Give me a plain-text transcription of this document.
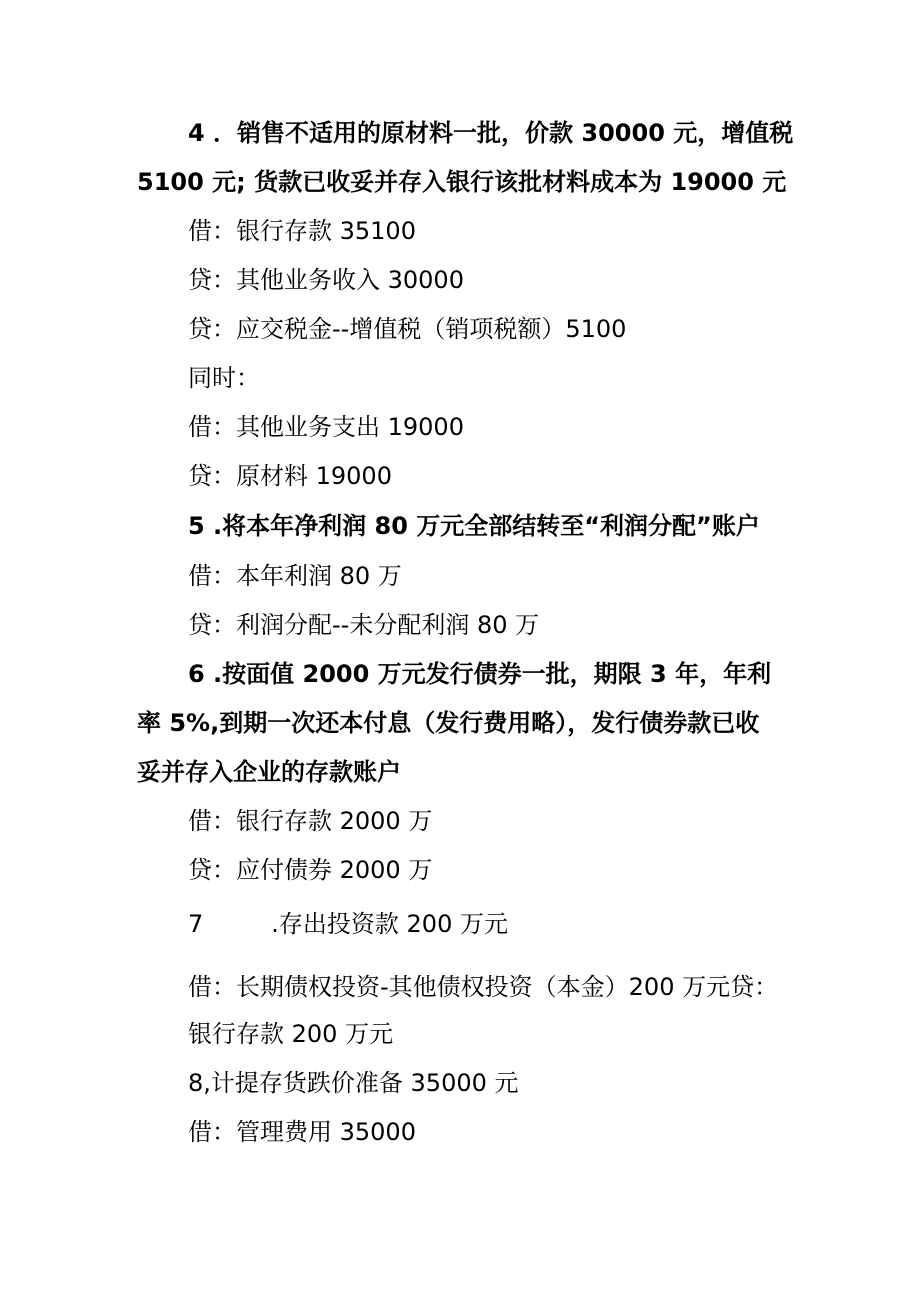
4 ．销售不适用的原材料一批，价款 30000 元，增值税
5100 元; 货款已收妥并存入银行该批材料成本为 19000 元
借：银行存款 35100
贷：其他业务收入 30000
贷：应交税金--增值税（销项税额）5100
同时：
借：其他业务支出 19000
贷：原材料 19000
5 .将本年净利润 80 万元全部结转至“利润分配”账户
借：本年利润 80 万
贷：利润分配--未分配利润 80 万
6 .按面值 2000 万元发行债券一批，期限 3 年，年利
率 5%,到期一次还本付息（发行费用略），发行债券款已收
妥并存入企业的存款账户
借：银行存款 2000 万
贷：应付债券 2000 万
7	.存出投资款 200 万元
借：长期债权投资-其他债权投资（本金）200 万元贷：
银行存款 200 万元
8,计提存货跌价准备 35000 元
借：管理费用 35000
